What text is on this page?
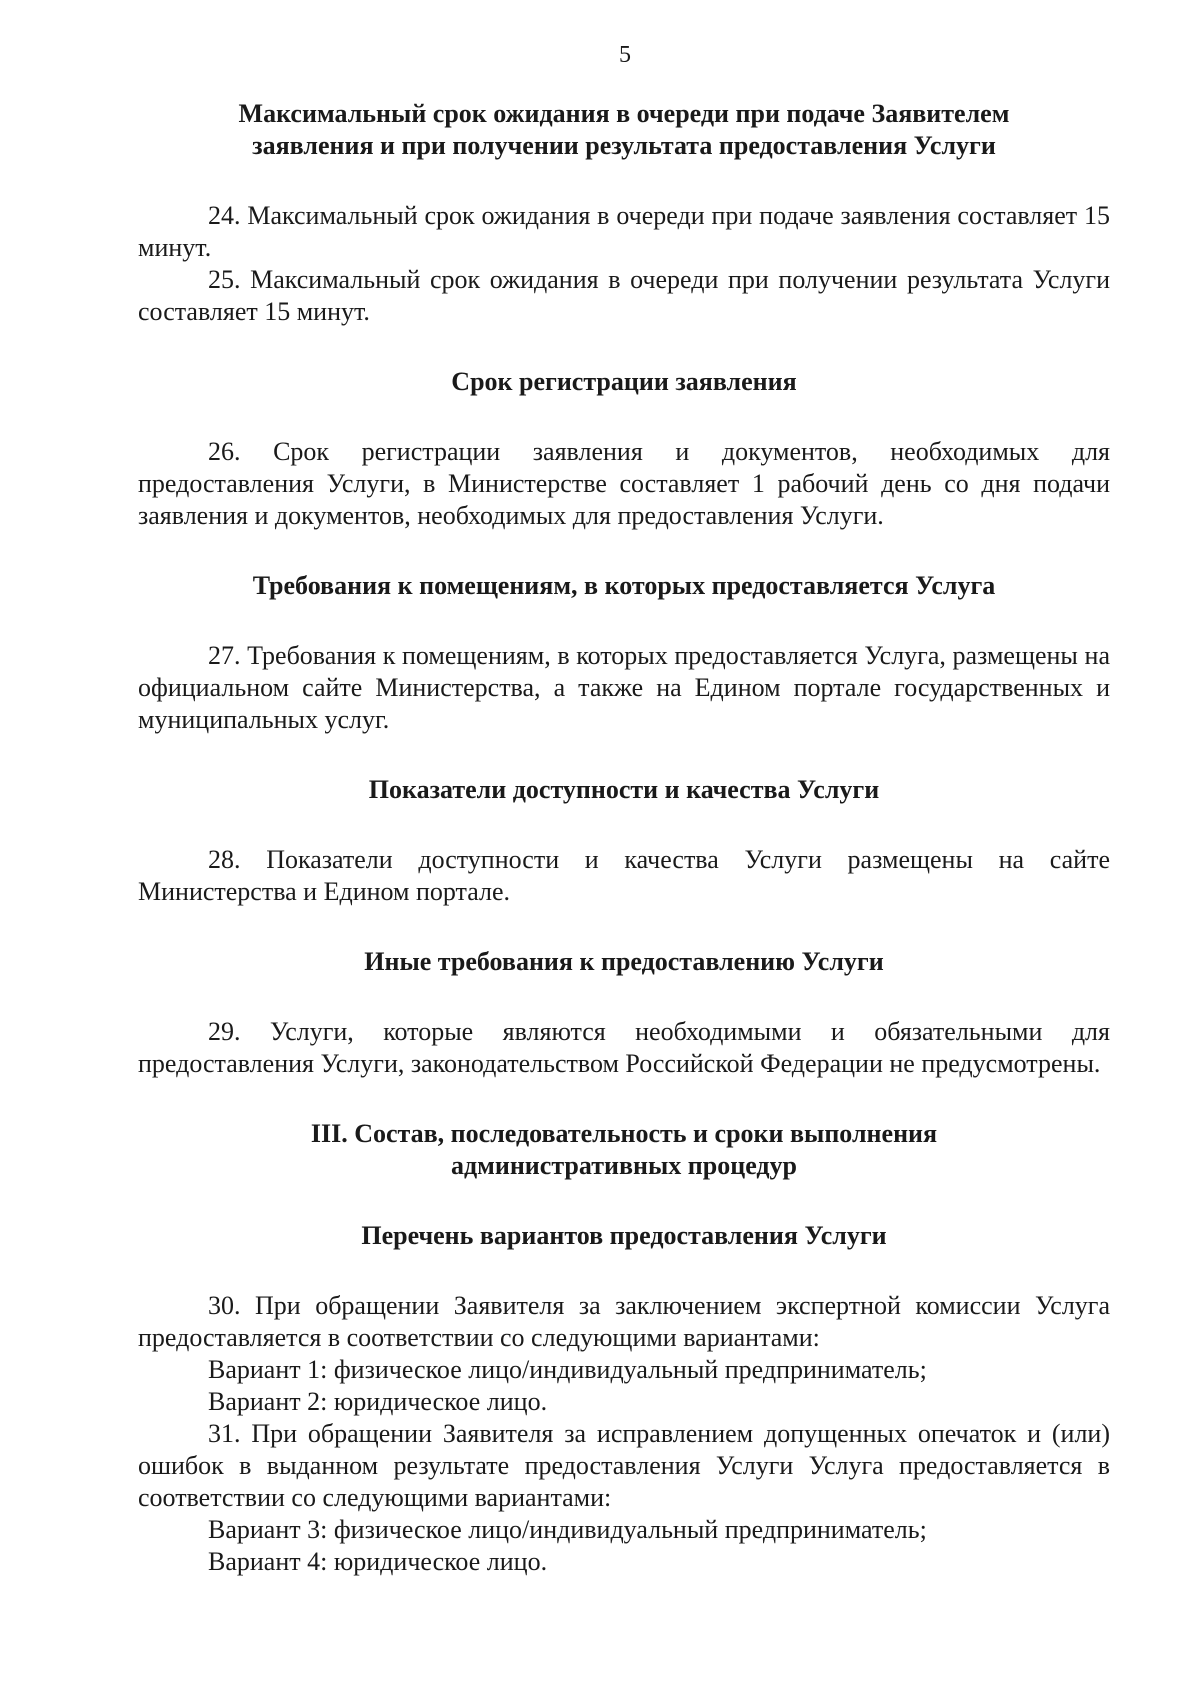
5

Максимальный срок ожидания в очереди при подаче Заявителем заявления и при получении результата предоставления Услуги

24. Максимальный срок ожидания в очереди при подаче заявления составляет 15 минут.

25. Максимальный срок ожидания в очереди при получении результата Услуги составляет 15 минут.

Срок регистрации заявления

26. Срок регистрации заявления и документов, необходимых для предоставления Услуги, в Министерстве составляет 1 рабочий день со дня подачи заявления и документов, необходимых для предоставления Услуги.

Требования к помещениям, в которых предоставляется Услуга

27. Требования к помещениям, в которых предоставляется Услуга, размещены на официальном сайте Министерства, а также на Едином портале государственных и муниципальных услуг.

Показатели доступности и качества Услуги

28. Показатели доступности и качества Услуги размещены на сайте Министерства и Едином портале.

Иные требования к предоставлению Услуги

29. Услуги, которые являются необходимыми и обязательными для предоставления Услуги, законодательством Российской Федерации не предусмотрены.

III. Состав, последовательность и сроки выполнения

административных процедур

Перечень вариантов предоставления Услуги

30. При обращении Заявителя за заключением экспертной комиссии Услуга предоставляется в соответствии со следующими вариантами:

Вариант 1: физическое лицо/индивидуальный предприниматель;

Вариант 2: юридическое лицо.

31. При обращении Заявителя за исправлением допущенных опечаток и (или) ошибок в выданном результате предоставления Услуги Услуга предоставляется в соответствии со следующими вариантами:

Вариант 3: физическое лицо/индивидуальный предприниматель;

Вариант 4: юридическое лицо.
